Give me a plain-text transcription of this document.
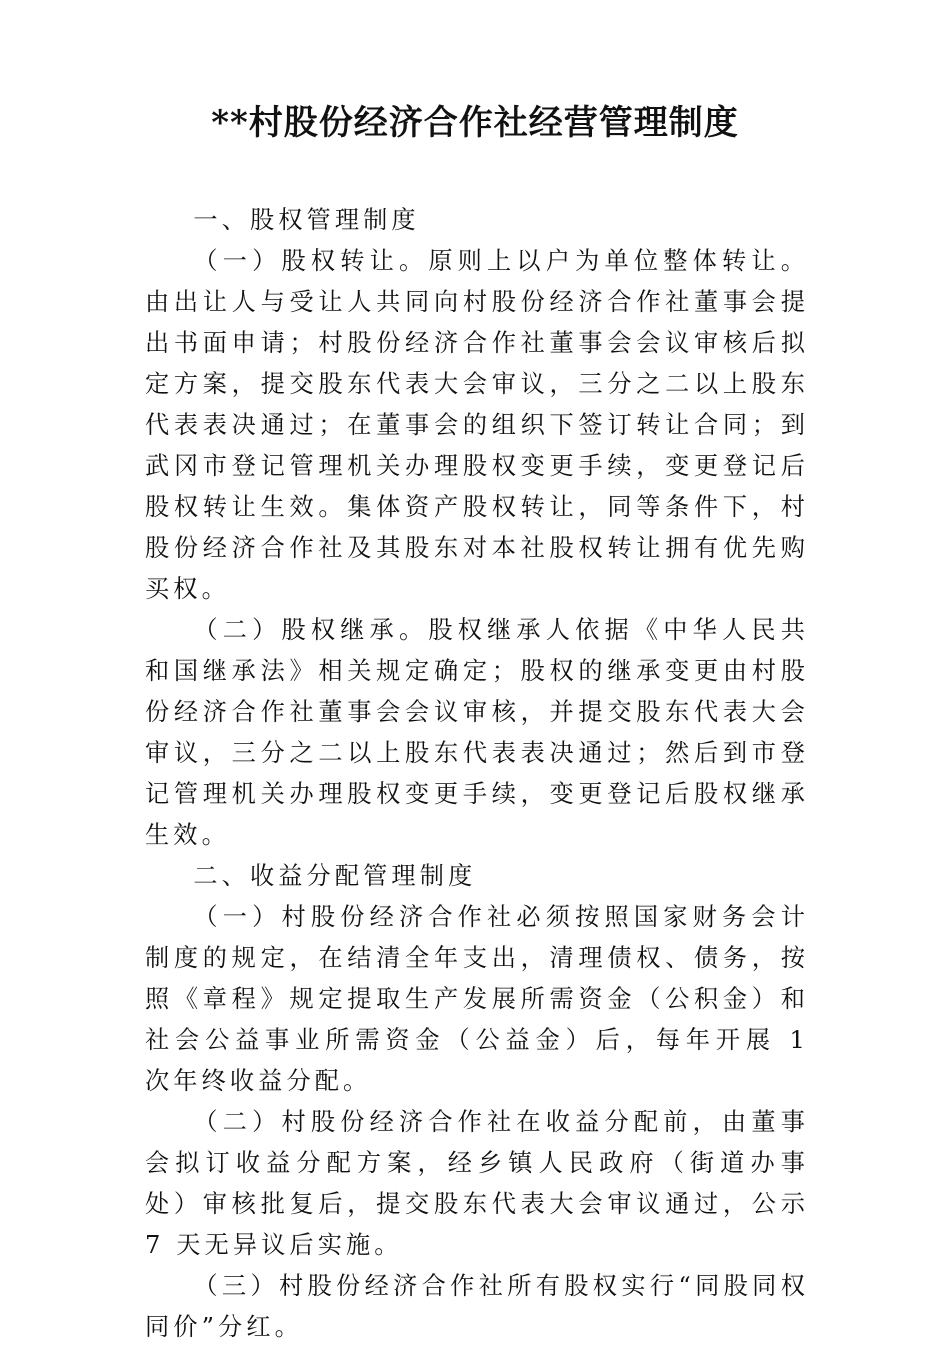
**村股份经济合作社经营管理制度

一、股权管理制度

（一）股权转让。原则上以户为单位整体转让。由出让人与受让人共同向村股份经济合作社董事会提出书面申请；村股份经济合作社董事会会议审核后拟定方案，提交股东代表大会审议，三分之二以上股东代表表决通过；在董事会的组织下签订转让合同；到武冈市登记管理机关办理股权变更手续，变更登记后股权转让生效。集体资产股权转让，同等条件下，村股份经济合作社及其股东对本社股权转让拥有优先购买权。

（二）股权继承。股权继承人依据《中华人民共和国继承法》相关规定确定；股权的继承变更由村股份经济合作社董事会会议审核，并提交股东代表大会审议，三分之二以上股东代表表决通过；然后到市登记管理机关办理股权变更手续，变更登记后股权继承生效。

二、收益分配管理制度

（一）村股份经济合作社必须按照国家财务会计制度的规定，在结清全年支出，清理债权、债务，按照《章程》规定提取生产发展所需资金（公积金）和社会公益事业所需资金（公益金）后，每年开展 1 次年终收益分配。

（二）村股份经济合作社在收益分配前，由董事会拟订收益分配方案，经乡镇人民政府（街道办事处）审核批复后，提交股东代表大会审议通过，公示 7 天无异议后实施。

（三）村股份经济合作社所有股权实行“同股同权同价”分红。
